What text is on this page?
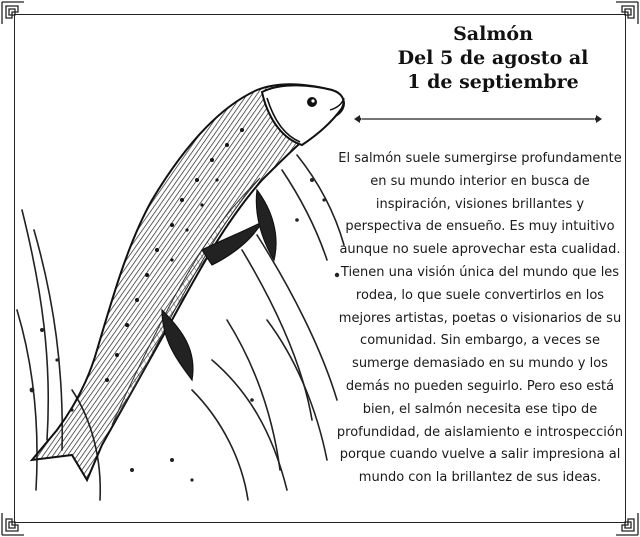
Salmón
Del 5 de agosto al
1 de septiembre
El salmón suele sumergirse profundamente en su mundo interior en busca de inspiración, visiones brillantes y perspectiva de ensueño. Es muy intuitivo aunque no suele aprovechar esta cualidad. Tienen una visión única del mundo que les rodea, lo que suele convertirlos en los mejores artistas, poetas o visionarios de su comunidad. Sin embargo, a veces se sumerge demasiado en su mundo y los demás no pueden seguirlo. Pero eso está bien, el salmón necesita ese tipo de profundidad, de aislamiento e introspección porque cuando vuelve a salir impresiona al mundo con la brillantez de sus ideas.
